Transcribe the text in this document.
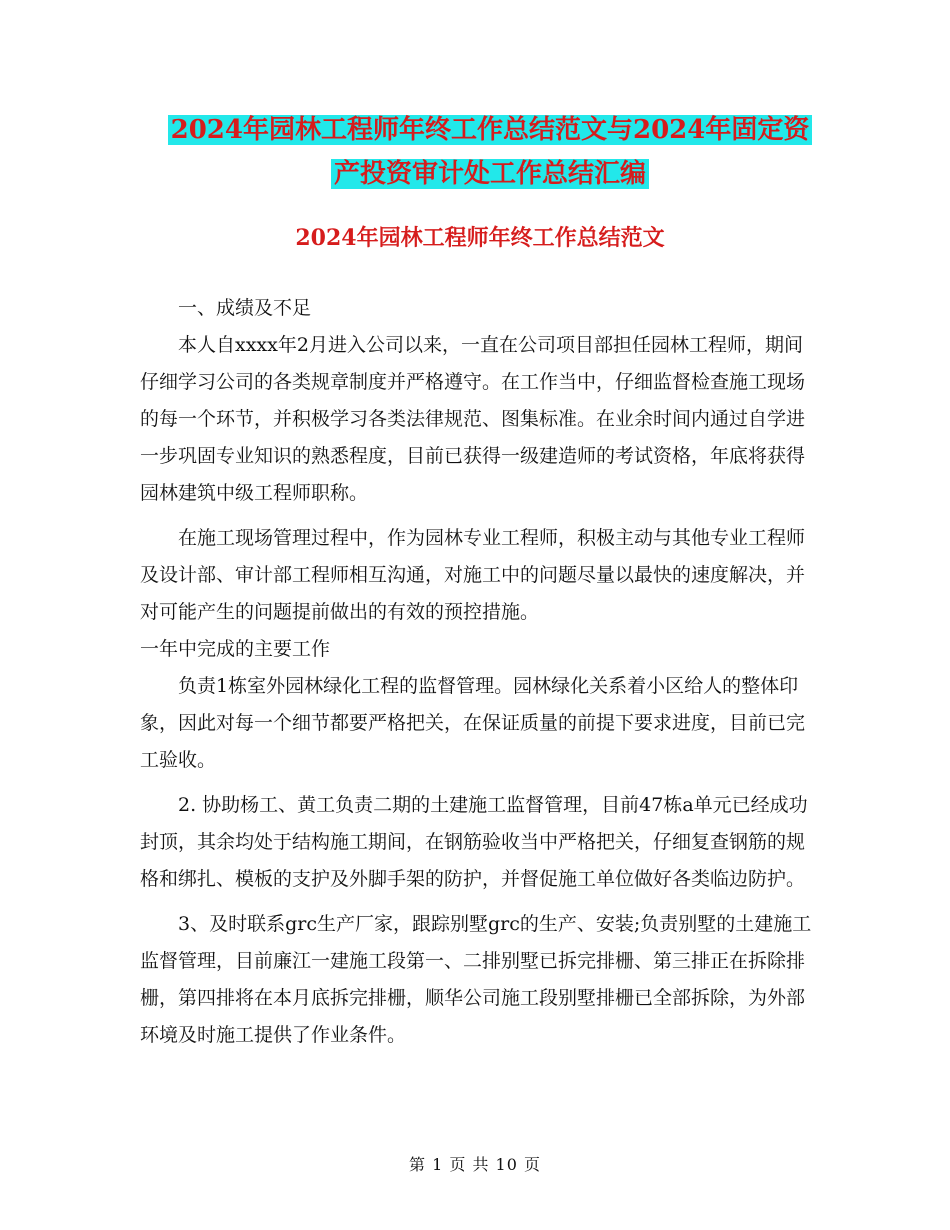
2024年园林工程师年终工作总结范文与2024年固定资
产投资审计处工作总结汇编
2024年园林工程师年终工作总结范文

一、成绩及不足

本人自xxxx年2月进入公司以来，一直在公司项目部担任园林工程师，期间仔细学习公司的各类规章制度并严格遵守。在工作当中，仔细监督检查施工现场的每一个环节，并积极学习各类法律规范、图集标准。在业余时间内通过自学进一步巩固专业知识的熟悉程度，目前已获得一级建造师的考试资格，年底将获得园林建筑中级工程师职称。

在施工现场管理过程中，作为园林专业工程师，积极主动与其他专业工程师及设计部、审计部工程师相互沟通，对施工中的问题尽量以最快的速度解决，并对可能产生的问题提前做出的有效的预控措施。

一年中完成的主要工作

负责1栋室外园林绿化工程的监督管理。园林绿化关系着小区给人的整体印象，因此对每一个细节都要严格把关，在保证质量的前提下要求进度，目前已完工验收。

2. 协助杨工、黄工负责二期的土建施工监督管理，目前47栋a单元已经成功封顶，其余均处于结构施工期间，在钢筋验收当中严格把关，仔细复查钢筋的规格和绑扎、模板的支护及外脚手架的防护，并督促施工单位做好各类临边防护。

3、及时联系grc生产厂家，跟踪别墅grc的生产、安装;负责别墅的土建施工监督管理，目前廉江一建施工段第一、二排别墅已拆完排栅、第三排正在拆除排栅，第四排将在本月底拆完排栅，顺华公司施工段别墅排栅已全部拆除，为外部环境及时施工提供了作业条件。

第 1 页 共 10 页
